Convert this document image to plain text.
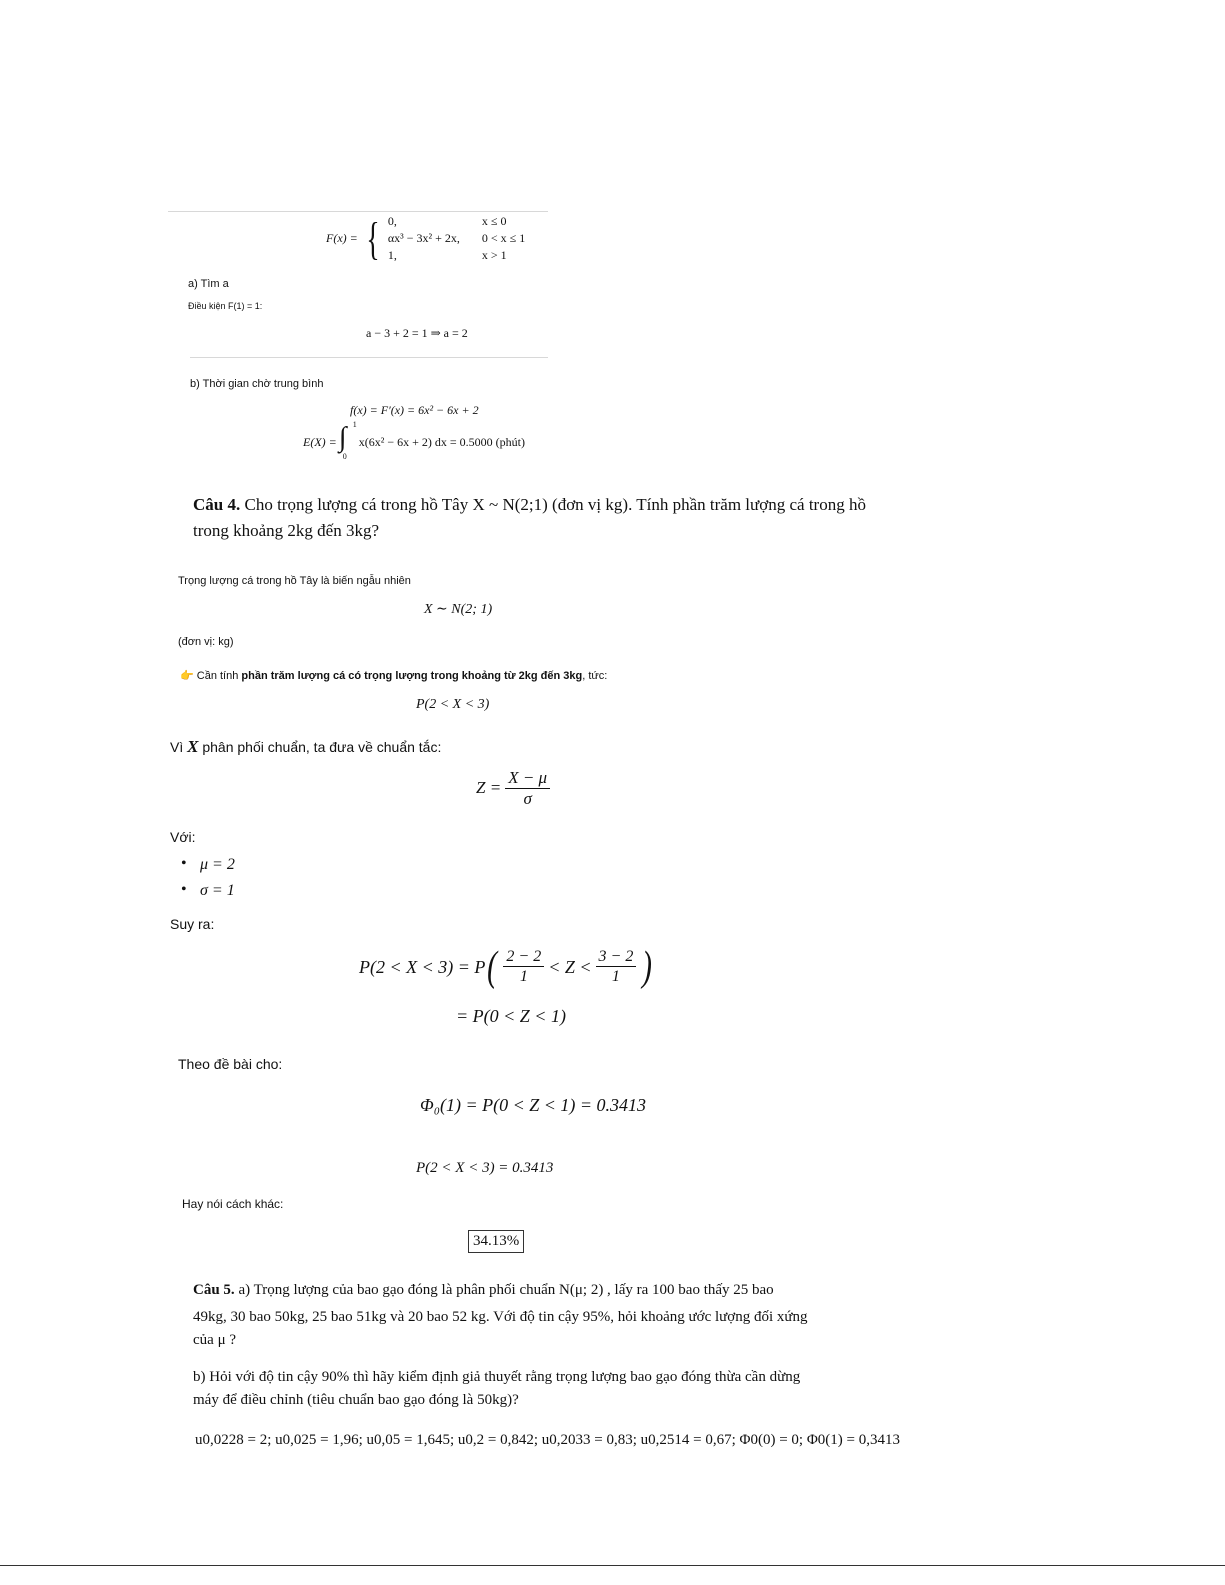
F(x) = { 0,	x ≤ 0
αx³ − 3x² + 2x, 0 < x ≤ 1
1,	x > 1
a) Tìm a
Điều kiện F(1) = 1:
a − 3 + 2 = 1 ⇒ a = 2
b) Thời gian chờ trung bình
f(x) = F′(x) = 6x² − 6x + 2
E(X) = ∫ 1
0
x(6x² − 6x + 2) dx = 0.5000 (phút)
Câu 4. Cho trọng lượng cá trong hồ Tây X ~ N(2;1) (đơn vị kg). Tính phần trăm lượng cá trong hồ
trong khoảng 2kg đến 3kg?
Trọng lượng cá trong hồ Tây là biến ngẫu nhiên
X ∼ N(2; 1)
(đơn vị: kg)
👉 Cần tính phần trăm lượng cá có trọng lượng trong khoảng từ 2kg đến 3kg, tức:
P(2 < X < 3)
Vì X phân phối chuẩn, ta đưa về chuẩn tắc:
$Z = \frac{X - \mu}{\sigma}$
Với:
• μ = 2
• σ = 1
Suy ra:
P(2 < X < 3) = P ( $\frac{2 - 2}{1} < Z < \frac{3 - 2}{1}$ )
= P(0 < Z < 1)
Theo đề bài cho:
Φ₀(1) = P(0 < Z < 1) = 0.3413
P(2 < X < 3) = 0.3413
Hay nói cách khác:
34.13%
Câu 5. a) Trọng lượng của bao gạo đóng là phân phối chuẩn N(μ; 2) , lấy ra 100 bao thấy 25 bao
49kg, 30 bao 50kg, 25 bao 51kg và 20 bao 52 kg. Với độ tin cậy 95%, hỏi khoảng ước lượng đối xứng
của μ ?
b) Hỏi với độ tin cậy 90% thì hãy kiểm định giả thuyết rằng trọng lượng bao gạo đóng thừa cần dừng
máy để điều chỉnh (tiêu chuẩn bao gạo đóng là 50kg)?
u0,0228 = 2; u0,025 = 1,96; u0,05 = 1,645; u0,2 = 0,842; u0,2033 = 0,83; u0,2514 = 0,67; Φ0(0) = 0; Φ0(1) = 0,3413
